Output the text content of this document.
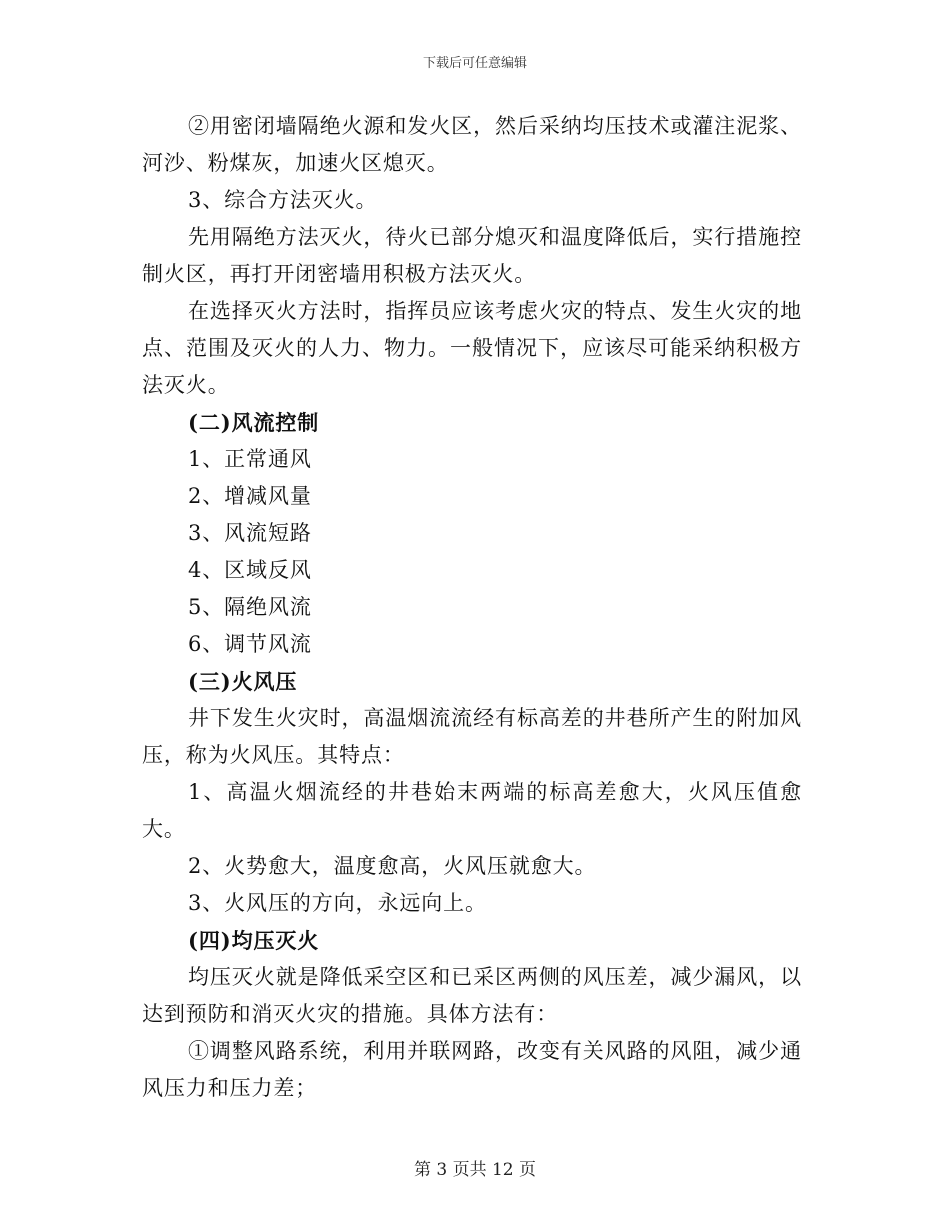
下载后可任意编辑

②用密闭墙隔绝火源和发火区，然后采纳均压技术或灌注泥浆、河沙、粉煤灰，加速火区熄灭。

3、综合方法灭火。

先用隔绝方法灭火，待火已部分熄灭和温度降低后，实行措施控制火区，再打开闭密墙用积极方法灭火。

在选择灭火方法时，指挥员应该考虑火灾的特点、发生火灾的地点、范围及灭火的人力、物力。一般情况下，应该尽可能采纳积极方法灭火。

(二)风流控制

1、正常通风

2、增减风量

3、风流短路

4、区域反风

5、隔绝风流

6、调节风流

(三)火风压

井下发生火灾时，高温烟流流经有标高差的井巷所产生的附加风压，称为火风压。其特点：

1、高温火烟流经的井巷始末两端的标高差愈大，火风压值愈大。

2、火势愈大，温度愈高，火风压就愈大。

3、火风压的方向，永远向上。

(四)均压灭火

均压灭火就是降低采空区和已采区两侧的风压差，减少漏风，以达到预防和消灭火灾的措施。具体方法有：

①调整风路系统，利用并联网路，改变有关风路的风阻，减少通风压力和压力差；

第 3 页共 12 页
